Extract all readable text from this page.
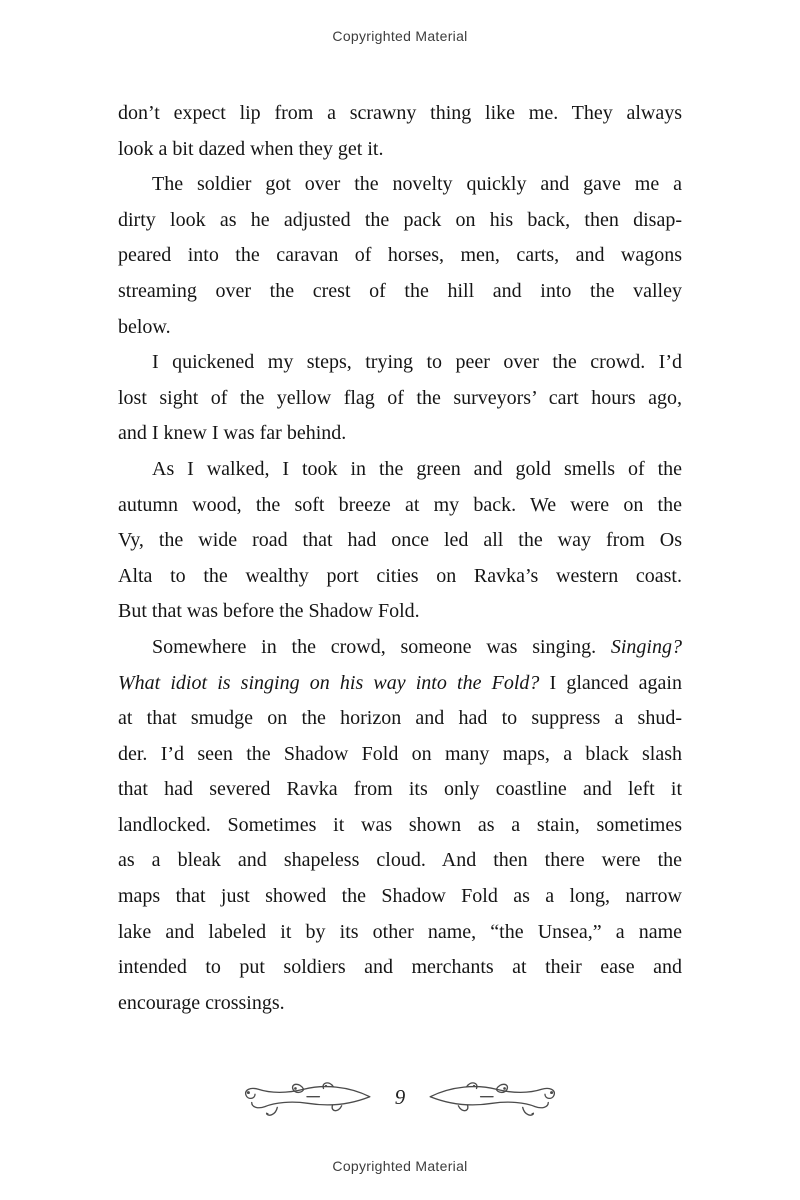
Copyrighted Material
don’t expect lip from a scrawny thing like me. They always
look a bit dazed when they get it.
The soldier got over the novelty quickly and gave me a
dirty look as he adjusted the pack on his back, then disap-
peared into the caravan of horses, men, carts, and wagons
streaming over the crest of the hill and into the valley
below.
I quickened my steps, trying to peer over the crowd. I’d
lost sight of the yellow flag of the surveyors’ cart hours ago,
and I knew I was far behind.
As I walked, I took in the green and gold smells of the
autumn wood, the soft breeze at my back. We were on the
Vy, the wide road that had once led all the way from Os
Alta to the wealthy port cities on Ravka’s western coast.
But that was before the Shadow Fold.
Somewhere in the crowd, someone was singing. Singing?
What idiot is singing on his way into the Fold? I glanced again
at that smudge on the horizon and had to suppress a shud-
der. I’d seen the Shadow Fold on many maps, a black slash
that had severed Ravka from its only coastline and left it
landlocked. Sometimes it was shown as a stain, sometimes
as a bleak and shapeless cloud. And then there were the
maps that just showed the Shadow Fold as a long, narrow
lake and labeled it by its other name, “the Unsea,” a name
intended to put soldiers and merchants at their ease and
encourage crossings.
9
Copyrighted Material
